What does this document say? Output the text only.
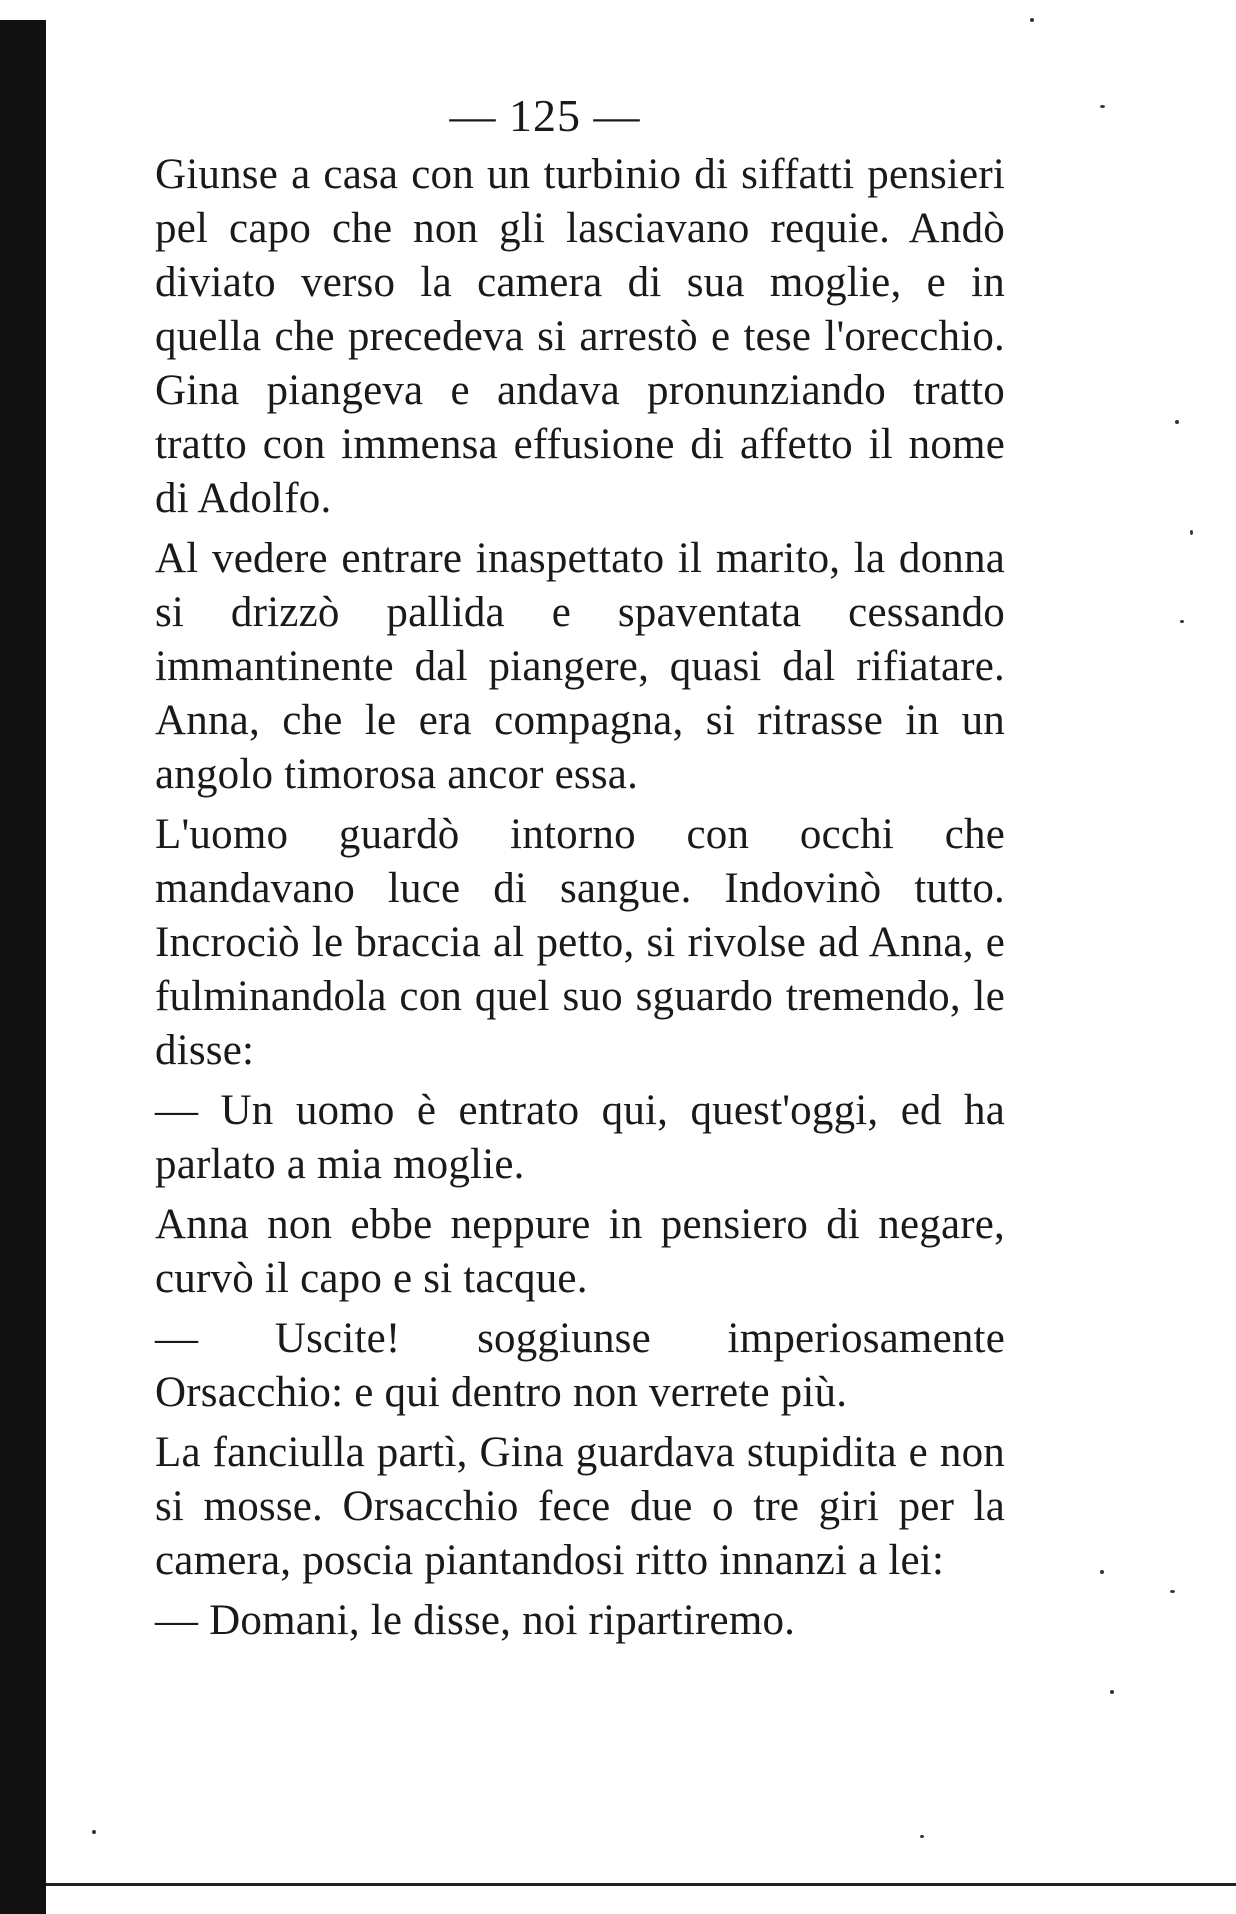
— 125 —

Giunse a casa con un turbinio di siffatti pensieri pel capo che non gli lasciavano requie. Andò diviato verso la camera di sua moglie, e in quella che precedeva si arrestò e tese l'orecchio. Gina piangeva e andava pronunziando tratto tratto con immensa effusione di affetto il nome di Adolfo.

Al vedere entrare inaspettato il marito, la donna si drizzò pallida e spaventata cessando immantinente dal piangere, quasi dal rifiatare. Anna, che le era compagna, si ritrasse in un angolo timorosa ancor essa.

L'uomo guardò intorno con occhi che mandavano luce di sangue. Indovinò tutto. Incrociò le braccia al petto, si rivolse ad Anna, e fulminandola con quel suo sguardo tremendo, le disse:

— Un uomo è entrato qui, quest'oggi, ed ha parlato a mia moglie.

Anna non ebbe neppure in pensiero di negare, curvò il capo e si tacque.

— Uscite! soggiunse imperiosamente Orsacchio: e qui dentro non verrete più.

La fanciulla partì, Gina guardava stupidita e non si mosse. Orsacchio fece due o tre giri per la camera, poscia piantandosi ritto innanzi a lei:

— Domani, le disse, noi ripartiremo.
